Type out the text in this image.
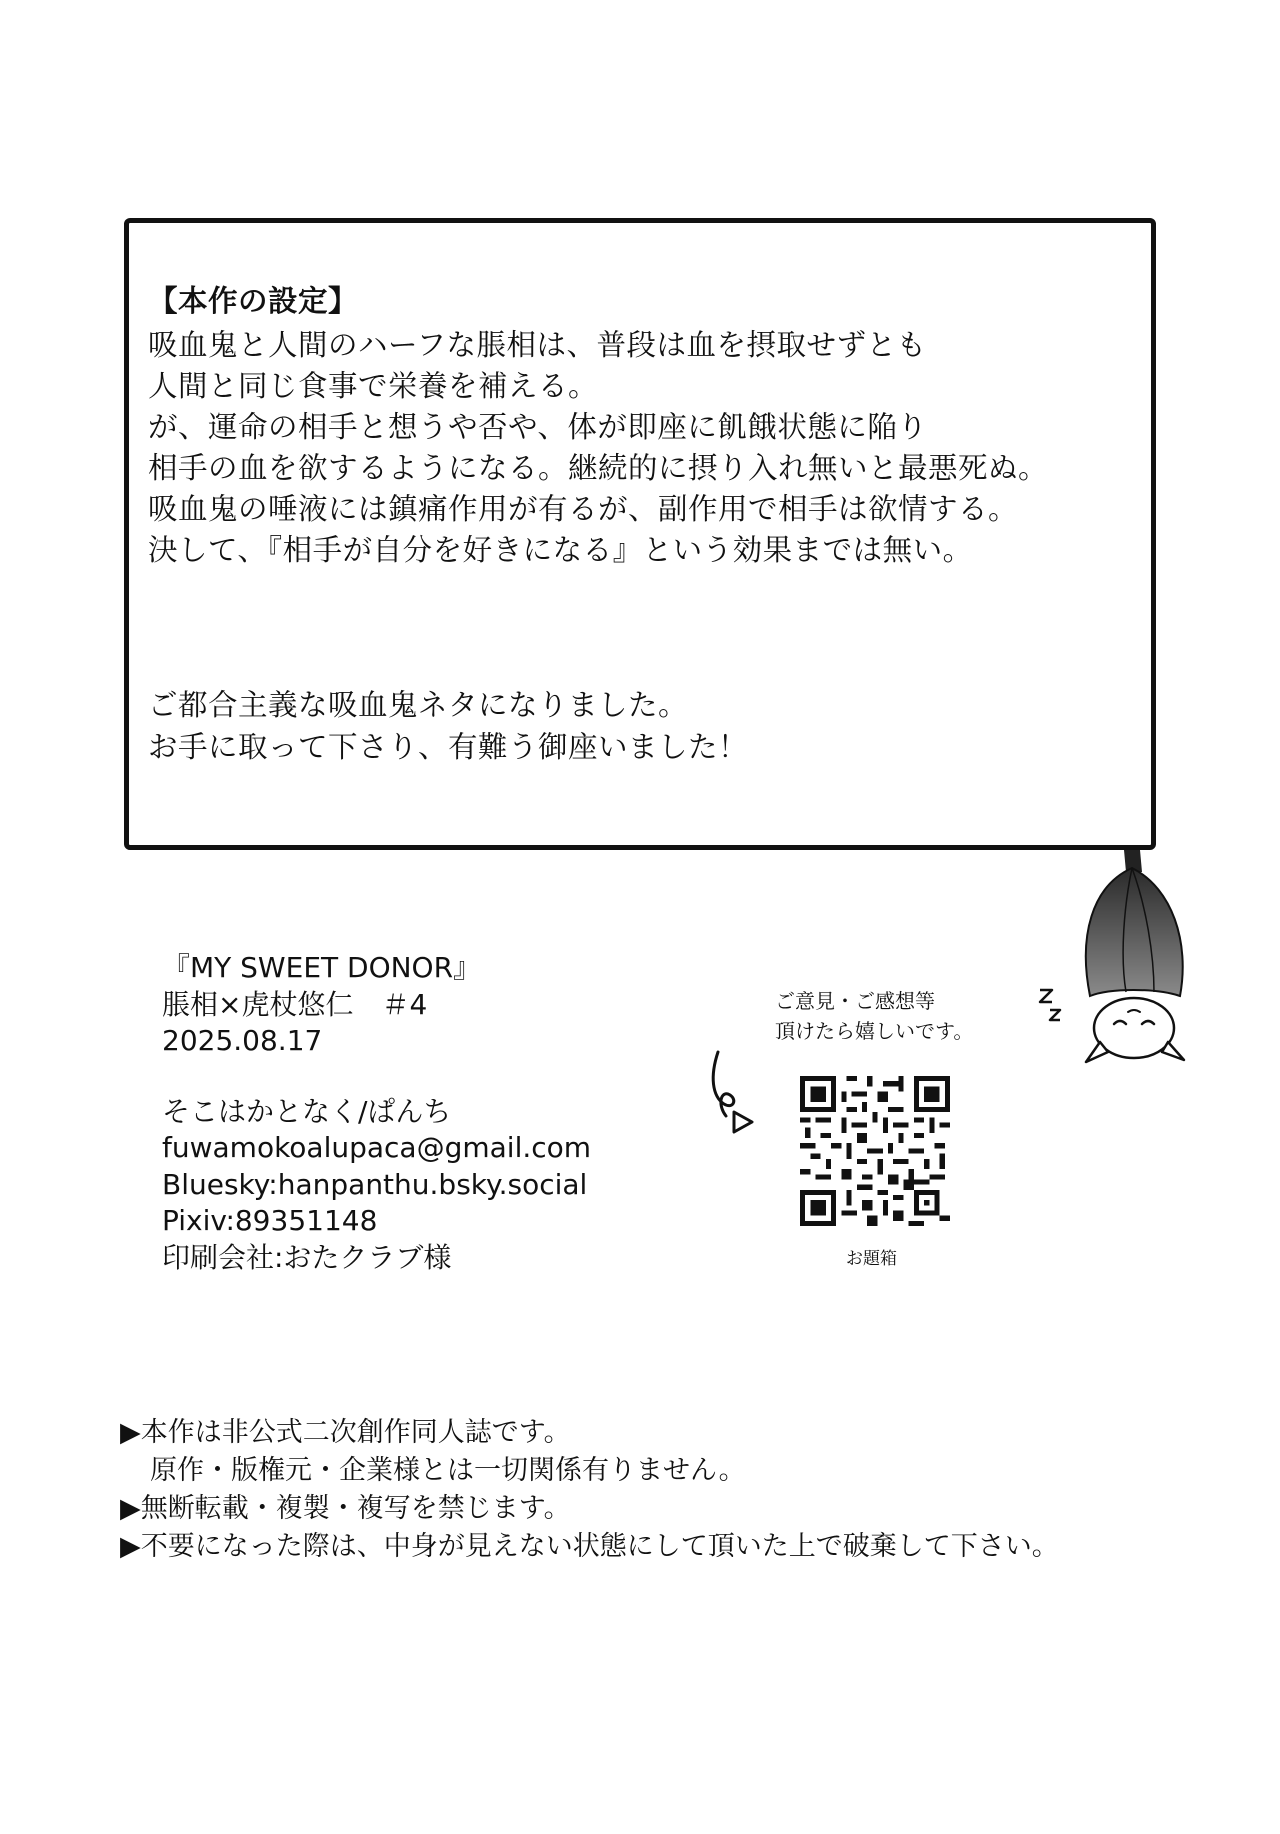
【本作の設定】
吸血鬼と人間のハーフな脹相は、普段は血を摂取せずとも
人間と同じ食事で栄養を補える。
が、運命の相手と想うや否や、体が即座に飢餓状態に陥り
相手の血を欲するようになる。継続的に摂り入れ無いと最悪死ぬ。
吸血鬼の唾液には鎮痛作用が有るが、副作用で相手は欲情する。
決して、『相手が自分を好きになる』という効果までは無い。
ご都合主義な吸血鬼ネタになりました。
お手に取って下さり、有難う御座いました！
『MY SWEET DONOR』
脹相×虎杖悠仁　＃4
2025.08.17
そこはかとなく/ぱんち
fuwamokoalupaca@gmail.com
Bluesky:hanpanthu.bsky.social
Pixiv:89351148
印刷会社:おたクラブ様
ご意見・ご感想等
頂けたら嬉しいです。
お題箱
▶本作は非公式二次創作同人誌です。
原作・版権元・企業様とは一切関係有りません。
▶無断転載・複製・複写を禁じます。
▶不要になった際は、中身が見えない状態にして頂いた上で破棄して下さい。
